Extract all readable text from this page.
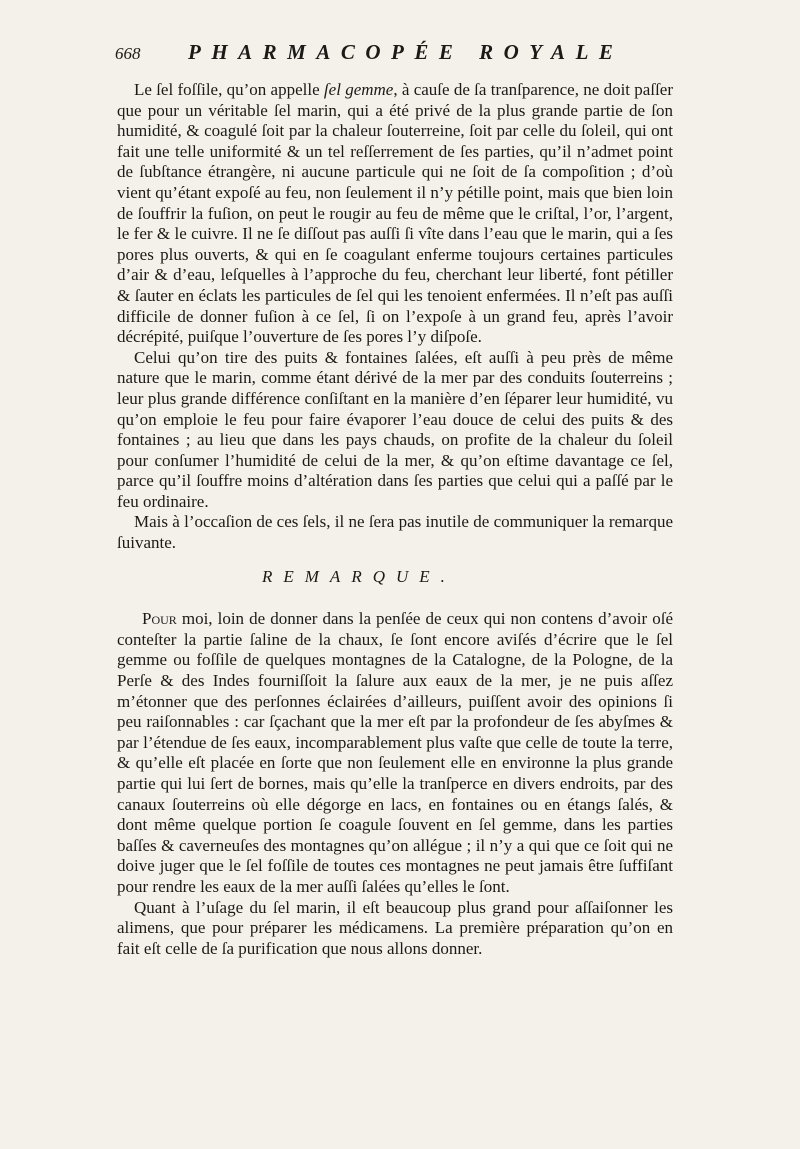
668 PHARMACOPÉE ROYALE

Le ſel foſſile, qu’on appelle ſel gemme, à cauſe de ſa tranſparence, ne doit paſſer que pour un véritable ſel marin, qui a été privé de la plus grande partie de ſon humidité, & coagulé ſoit par la chaleur ſouterreine, ſoit par celle du ſoleil, qui ont fait une telle uniformité & un tel reſſerrement de ſes parties, qu’il n’admet point de ſubſtance étrangère, ni aucune particule qui ne ſoit de ſa compoſition ; d’où vient qu’étant expoſé au feu, non ſeulement il n’y pétille point, mais que bien loin de ſouffrir la fuſion, on peut le rougir au feu de même que le criſtal, l’or, l’argent, le fer & le cuivre. Il ne ſe diſſout pas auſſi ſi vîte dans l’eau que le marin, qui a ſes pores plus ouverts, & qui en ſe coagulant enferme toujours certaines particules d’air & d’eau, leſquelles à l’approche du feu, cherchant leur liberté, font pétiller & ſauter en éclats les particules de ſel qui les tenoient enfermées. Il n’eſt pas auſſi difficile de donner fuſion à ce ſel, ſi on l’expoſe à un grand feu, après l’avoir décrépité, puiſque l’ouverture de ſes pores l’y diſpoſe.

Celui qu’on tire des puits & fontaines ſalées, eſt auſſi à peu près de même nature que le marin, comme étant dérivé de la mer par des conduits ſouterreins ; leur plus grande différence conſiſtant en la manière d’en ſéparer leur humidité, vu qu’on emploie le feu pour faire évaporer l’eau douce de celui des puits & des fontaines ; au lieu que dans les pays chauds, on profite de la chaleur du ſoleil pour conſumer l’humidité de celui de la mer, & qu’on eſtime davantage ce ſel, parce qu’il ſouffre moins d’altération dans ſes parties que celui qui a paſſé par le feu ordinaire.

Mais à l’occaſion de ces ſels, il ne ſera pas inutile de communiquer la remarque ſuivante.

REMARQUE.

Pour moi, loin de donner dans la penſée de ceux qui non contens d’avoir oſé conteſter la partie ſaline de la chaux, ſe ſont encore aviſés d’écrire que le ſel gemme ou foſſile de quelques montagnes de la Catalogne, de la Pologne, de la Perſe & des Indes fourniſſoit la ſalure aux eaux de la mer, je ne puis aſſez m’étonner que des perſonnes éclairées d’ailleurs, puiſſent avoir des opinions ſi peu raiſonnables : car ſçachant que la mer eſt par la profondeur de ſes abyſmes & par l’étendue de ſes eaux, incomparablement plus vaſte que celle de toute la terre, & qu’elle eſt placée en ſorte que non ſeulement elle en environne la plus grande partie qui lui ſert de bornes, mais qu’elle la tranſperce en divers endroits, par des canaux ſouterreins où elle dégorge en lacs, en fontaines ou en étangs ſalés, & dont même quelque portion ſe coagule ſouvent en ſel gemme, dans les parties baſſes & caverneuſes des montagnes qu’on allégue ; il n’y a qui que ce ſoit qui ne doive juger que le ſel foſſile de toutes ces montagnes ne peut jamais être ſuffiſant pour rendre les eaux de la mer auſſi ſalées qu’elles le ſont.

Quant à l’uſage du ſel marin, il eſt beaucoup plus grand pour aſſaiſonner les alimens, que pour préparer les médicamens. La première préparation qu’on en fait eſt celle de ſa purification que nous allons donner.
